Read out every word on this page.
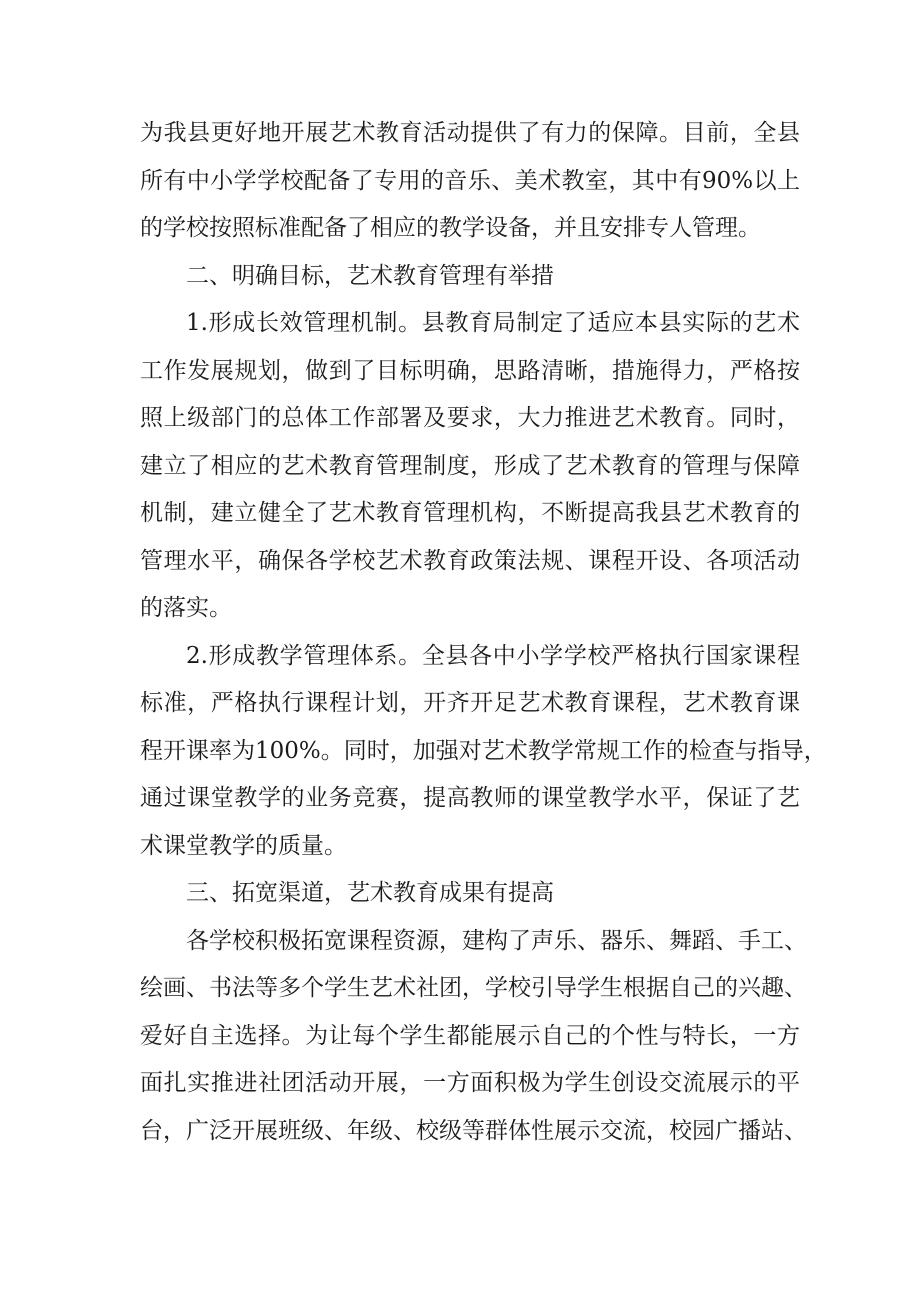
为我县更好地开展艺术教育活动提供了有力的保障。目前，全县
所有中小学学校配备了专用的音乐、美术教室，其中有90%以上
的学校按照标准配备了相应的教学设备，并且安排专人管理。
二、明确目标，艺术教育管理有举措
1.形成长效管理机制。县教育局制定了适应本县实际的艺术
工作发展规划，做到了目标明确，思路清晰，措施得力，严格按
照上级部门的总体工作部署及要求，大力推进艺术教育。同时，
建立了相应的艺术教育管理制度，形成了艺术教育的管理与保障
机制，建立健全了艺术教育管理机构，不断提高我县艺术教育的
管理水平，确保各学校艺术教育政策法规、课程开设、各项活动
的落实。
2.形成教学管理体系。全县各中小学学校严格执行国家课程
标准，严格执行课程计划，开齐开足艺术教育课程，艺术教育课
程开课率为100%。同时，加强对艺术教学常规工作的检查与指导，
通过课堂教学的业务竞赛，提高教师的课堂教学水平，保证了艺
术课堂教学的质量。
三、拓宽渠道，艺术教育成果有提高
各学校积极拓宽课程资源，建构了声乐、器乐、舞蹈、手工、
绘画、书法等多个学生艺术社团，学校引导学生根据自己的兴趣、
爱好自主选择。为让每个学生都能展示自己的个性与特长，一方
面扎实推进社团活动开展，一方面积极为学生创设交流展示的平
台，广泛开展班级、年级、校级等群体性展示交流，校园广播站、
